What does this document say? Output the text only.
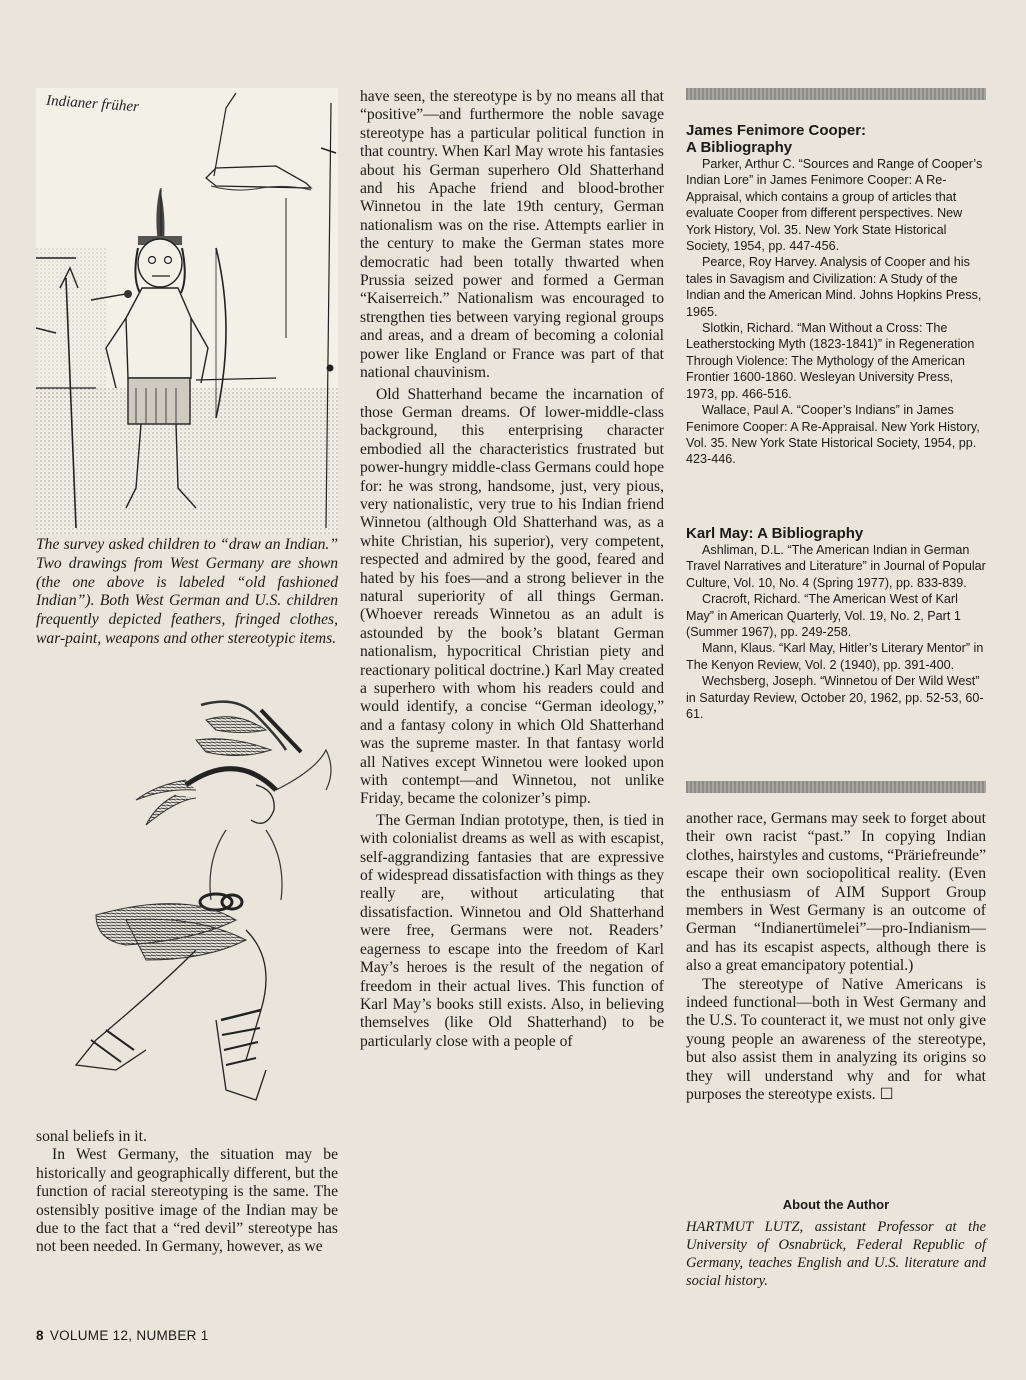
Indianer früher
The survey asked children to “draw an Indian.” Two drawings from West Germany are shown (the one above is labeled “old fashioned Indian”). Both West German and U.S. children frequently depicted feathers, fringed clothes, war-paint, weapons and other stereotypic items.

sonal beliefs in it.

In West Germany, the situation may be historically and geographically different, but the function of racial stereotyping is the same. The ostensibly positive image of the Indian may be due to the fact that a “red devil” stereotype has not been needed. In Germany, however, as we

have seen, the stereotype is by no means all that “positive”—and furthermore the noble savage stereotype has a particular political function in that country. When Karl May wrote his fantasies about his German superhero Old Shatterhand and his Apache friend and blood-brother Winnetou in the late 19th century, German nationalism was on the rise. Attempts earlier in the century to make the German states more democratic had been totally thwarted when Prussia seized power and formed a German “Kaiserreich.” Nationalism was encouraged to strengthen ties between varying regional groups and areas, and a dream of becoming a colonial power like England or France was part of that national chauvinism.

Old Shatterhand became the incarnation of those German dreams. Of lower-middle-class background, this enterprising character embodied all the characteristics frustrated but power-hungry middle-class Germans could hope for: he was strong, handsome, just, very pious, very nationalistic, very true to his Indian friend Winnetou (although Old Shatterhand was, as a white Christian, his superior), very competent, respected and admired by the good, feared and hated by his foes—and a strong believer in the natural superiority of all things German. (Whoever rereads Winnetou as an adult is astounded by the book’s blatant German nationalism, hypocritical Christian piety and reactionary political doctrine.) Karl May created a superhero with whom his readers could and would identify, a concise “German ideology,” and a fantasy colony in which Old Shatterhand was the supreme master. In that fantasy world all Natives except Winnetou were looked upon with contempt—and Winnetou, not unlike Friday, became the colonizer’s pimp.

The German Indian prototype, then, is tied in with colonialist dreams as well as with escapist, self-aggrandizing fantasies that are expressive of widespread dissatisfaction with things as they really are, without articulating that dissatisfaction. Winnetou and Old Shatterhand were free, Germans were not. Readers’ eagerness to escape into the freedom of Karl May’s heroes is the result of the negation of freedom in their actual lives. This function of Karl May’s books still exists. Also, in believing themselves (like Old Shatterhand) to be particularly close with a people of

James Fenimore Cooper:
A Bibliography

Parker, Arthur C. “Sources and Range of Cooper’s Indian Lore” in James Fenimore Cooper: A Re-Appraisal, which contains a group of articles that evaluate Cooper from different perspectives. New York History, Vol. 35. New York State Historical Society, 1954, pp. 447-456.

Pearce, Roy Harvey. Analysis of Cooper and his tales in Savagism and Civilization: A Study of the Indian and the American Mind. Johns Hopkins Press, 1965.

Slotkin, Richard. “Man Without a Cross: The Leatherstocking Myth (1823-1841)” in Regeneration Through Violence: The Mythology of the American Frontier 1600-1860. Wesleyan University Press, 1973, pp. 466-516.

Wallace, Paul A. “Cooper’s Indians” in James Fenimore Cooper: A Re-Appraisal. New York History, Vol. 35. New York State Historical Society, 1954, pp. 423-446.

Karl May: A Bibliography

Ashliman, D.L. “The American Indian in German Travel Narratives and Literature” in Journal of Popular Culture, Vol. 10, No. 4 (Spring 1977), pp. 833-839.

Cracroft, Richard. “The American West of Karl May” in American Quarterly, Vol. 19, No. 2, Part 1 (Summer 1967), pp. 249-258.

Mann, Klaus. “Karl May, Hitler’s Literary Mentor” in The Kenyon Review, Vol. 2 (1940), pp. 391-400.

Wechsberg, Joseph. “Winnetou of Der Wild West” in Saturday Review, October 20, 1962, pp. 52-53, 60-61.

another race, Germans may seek to forget about their own racist “past.” In copying Indian clothes, hairstyles and customs, “Präriefreunde” escape their own sociopolitical reality. (Even the enthusiasm of AIM Support Group members in West Germany is an outcome of German “Indianertümelei”—pro-Indianism—and has its escapist aspects, although there is also a great emancipatory potential.)

The stereotype of Native Americans is indeed functional—both in West Germany and the U.S. To counteract it, we must not only give young people an awareness of the stereotype, but also assist them in analyzing its origins so they will understand why and for what purposes the stereotype exists. ☐

About the Author
HARTMUT LUTZ, assistant Professor at the University of Osnabrück, Federal Republic of Germany, teaches English and U.S. literature and social history.
8 VOLUME 12, NUMBER 1
